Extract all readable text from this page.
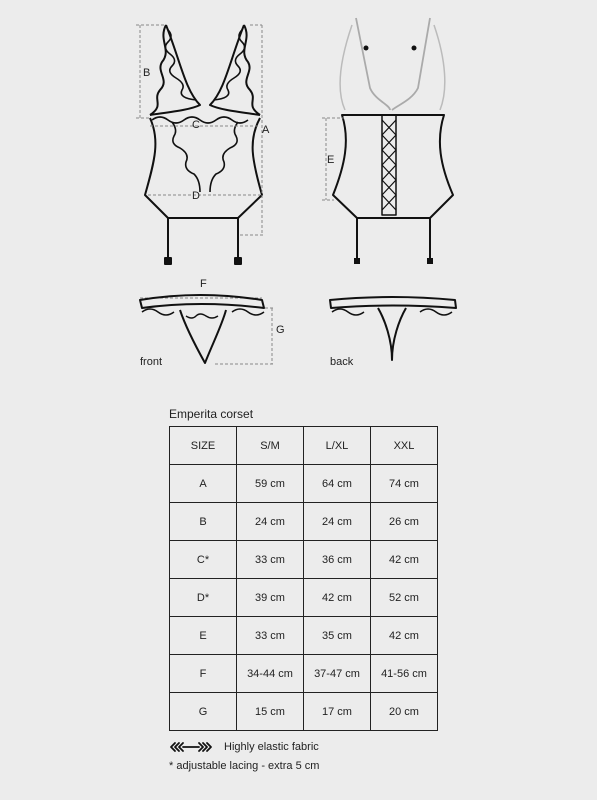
B
C
D
A
F
G
E
front	back
Emperita corset
SIZE	S/M	L/XL	XXL
A	59 cm	64 cm	74 cm
B	24 cm	24 cm	26 cm
C*	33 cm	36 cm	42 cm
D*	39 cm	42 cm	52 cm
E	33 cm	35 cm	42 cm
F	34-44 cm	37-47 cm	41-56 cm
G	15 cm	17 cm	20 cm
Highly elastic fabric
* adjustable lacing - extra 5 cm
